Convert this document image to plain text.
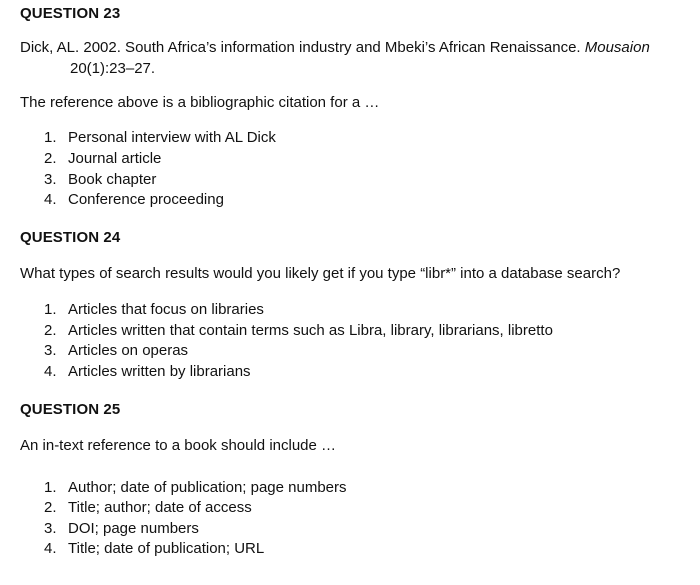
QUESTION 23
Dick, AL. 2002. South Africa’s information industry and Mbeki’s African Renaissance. Mousaion
20(1):23–27.
The reference above is a bibliographic citation for a …
1. Personal interview with AL Dick
2. Journal article
3. Book chapter
4. Conference proceeding
QUESTION 24
What types of search results would you likely get if you type “libr*” into a database search?
1. Articles that focus on libraries
2. Articles written that contain terms such as Libra, library, librarians, libretto
3. Articles on operas
4. Articles written by librarians
QUESTION 25
An in-text reference to a book should include …
1. Author; date of publication; page numbers
2. Title; author; date of access
3. DOI; page numbers
4. Title; date of publication; URL
